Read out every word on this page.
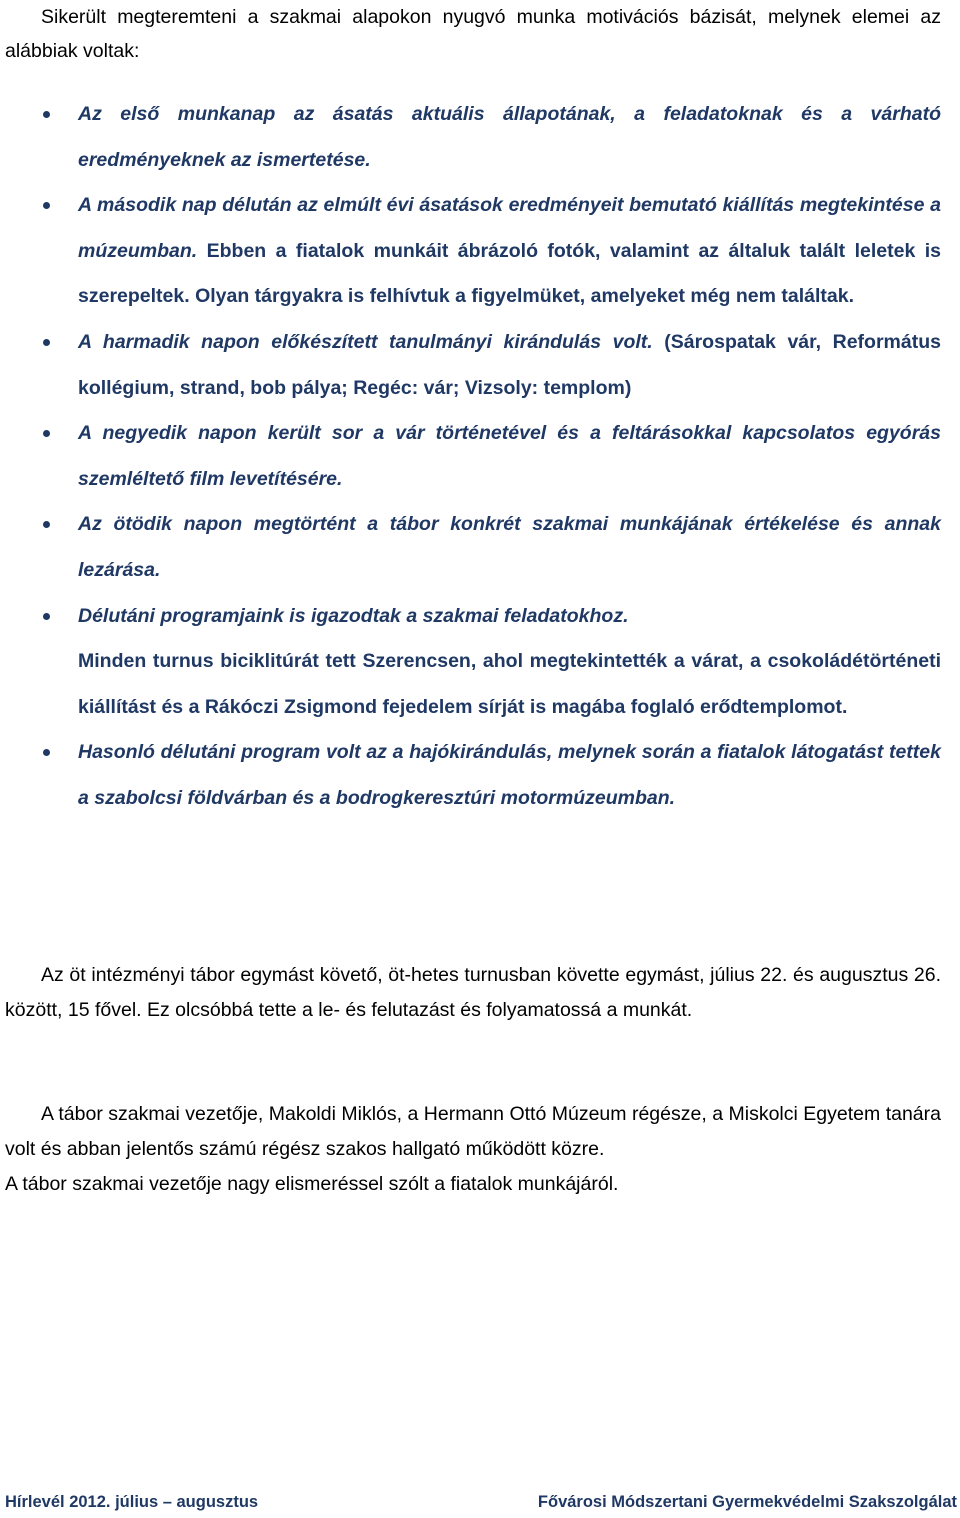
Sikerült megteremteni a szakmai alapokon nyugvó munka motivációs bázisát, melynek elemei az alábbiak voltak:

Az első munkanap az ásatás aktuális állapotának, a feladatoknak és a várható eredményeknek az ismertetése.
A második nap délután az elmúlt évi ásatások eredményeit bemutató kiállítás megtekintése a múzeumban. Ebben a fiatalok munkáit ábrázoló fotók, valamint az általuk talált leletek is szerepeltek. Olyan tárgyakra is felhívtuk a figyelmüket, amelyeket még nem találtak.
A harmadik napon előkészített tanulmányi kirándulás volt. (Sárospatak vár, Református kollégium, strand, bob pálya; Regéc: vár; Vizsoly: templom)
A negyedik napon került sor a vár történetével és a feltárásokkal kapcsolatos egyórás szemléltető film levetítésére.
Az ötödik napon megtörtént a tábor konkrét szakmai munkájának értékelése és annak lezárása.
Délutáni programjaink is igazodtak a szakmai feladatokhoz.
Minden turnus biciklitúrát tett Szerencsen, ahol megtekintették a várat, a csokoládétörténeti kiállítást és a Rákóczi Zsigmond fejedelem sírját is magába foglaló erődtemplomot.
Hasonló délutáni program volt az a hajókirándulás, melynek során a fiatalok látogatást tettek a szabolcsi földvárban és a bodrogkeresztúri motormúzeumban.

Az öt intézményi tábor egymást követő, öt-hetes turnusban követte egymást, július 22. és augusztus 26. között, 15 fővel. Ez olcsóbbá tette a le- és felutazást és folyamatossá a munkát.

A tábor szakmai vezetője, Makoldi Miklós, a Hermann Ottó Múzeum régésze, a Miskolci Egyetem tanára volt és abban jelentős számú régész szakos hallgató működött közre.

A tábor szakmai vezetője nagy elismeréssel szólt a fiatalok munkájáról.

Hírlevél 2012. július – augusztus	Fővárosi Módszertani Gyermekvédelmi Szakszolgálat
